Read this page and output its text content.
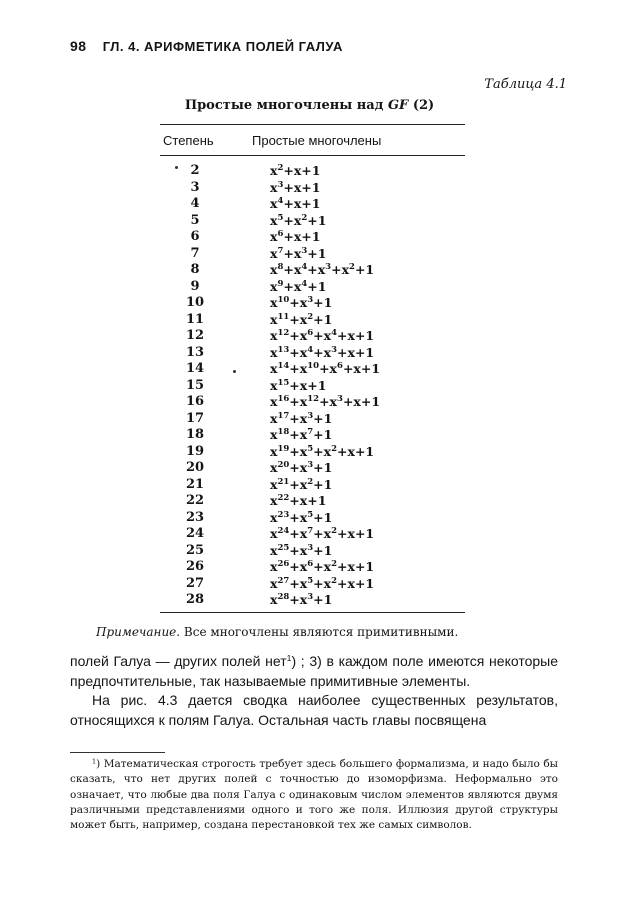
98 ГЛ. 4. АРИФМЕТИКА ПОЛЕЙ ГАЛУА
Таблица 4.1
Простые многочлены над GF (2)
Степень	Простые многочлены
2	$x^2+x+1$
3	$x^3+x+1$
4	$x^4+x+1$
5	$x^5+x^2+1$
6	$x^6+x+1$
7	$x^7+x^3+1$
8	$x^8+x^4+x^3+x^2+1$
9	$x^9+x^4+1$
10	$x^{10}+x^3+1$
11	$x^{11}+x^2+1$
12	$x^{12}+x^6+x^4+x+1$
13	$x^{13}+x^4+x^3+x+1$
14	$x^{14}+x^{10}+x^6+x+1$
15	$x^{15}+x+1$
16	$x^{16}+x^{12}+x^3+x+1$
17	$x^{17}+x^3+1$
18	$x^{18}+x^7+1$
19	$x^{19}+x^5+x^2+x+1$
20	$x^{20}+x^3+1$
21	$x^{21}+x^2+1$
22	$x^{22}+x+1$
23	$x^{23}+x^5+1$
24	$x^{24}+x^7+x^2+x+1$
25	$x^{25}+x^3+1$
26	$x^{26}+x^6+x^2+x+1$
27	$x^{27}+x^5+x^2+x+1$
28	$x^{28}+x^3+1$
Примечание. Все многочлены являются примитивными.

полей Галуа — других полей нет$^1$) ; 3) в каждом поле имеются некоторые предпочтительные, так называемые примитивные элементы.

На рис. 4.3 дается сводка наиболее существенных результатов, относящихся к полям Галуа. Остальная часть главы посвящена

$^1$) Математическая строгость требует здесь большего формализма, и надо было бы сказать, что нет других полей с точностью до изоморфизма. Неформально это означает, что любые два поля Галуа с одинаковым числом элементов являются двумя различными представлениями одного и того же поля. Иллюзия другой структуры может быть, например, создана перестановкой тех же самых символов.
